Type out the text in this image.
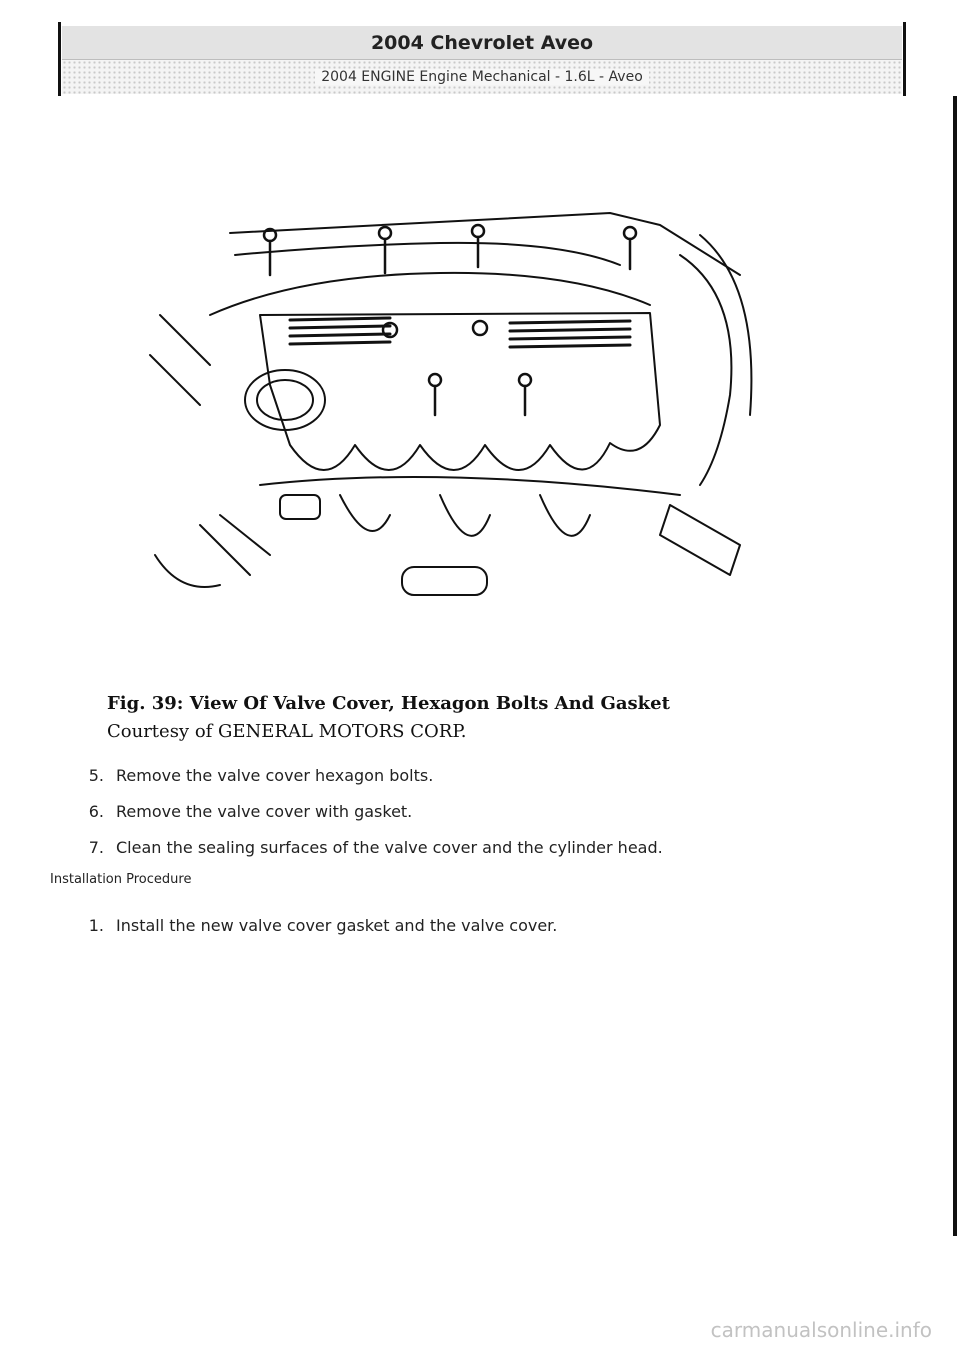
2004 Chevrolet Aveo
2004 ENGINE Engine Mechanical - 1.6L - Aveo
Fig. 39: View Of Valve Cover, Hexagon Bolts And Gasket
Courtesy of GENERAL MOTORS CORP.
5. Remove the valve cover hexagon bolts.
6. Remove the valve cover with gasket.
7. Clean the sealing surfaces of the valve cover and the cylinder head.
Installation Procedure
1. Install the new valve cover gasket and the valve cover.
carmanualsonline.info
